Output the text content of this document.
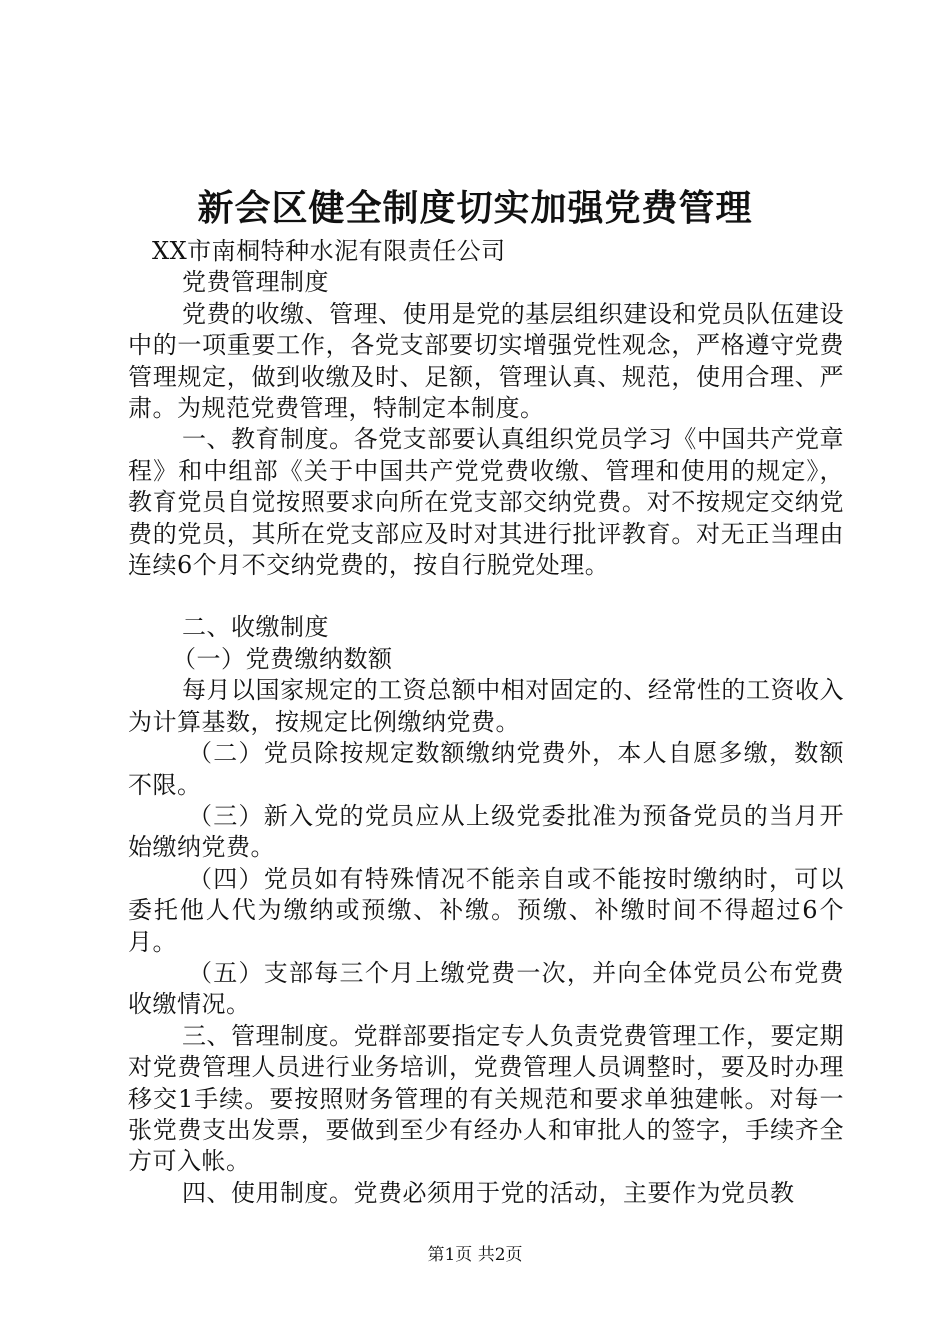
新会区健全制度切实加强党费管理

XX市南桐特种水泥有限责任公司

党费管理制度

党费的收缴、管理、使用是党的基层组织建设和党员队伍建设中的一项重要工作，各党支部要切实增强党性观念，严格遵守党费管理规定，做到收缴及时、足额，管理认真、规范，使用合理、严肃。为规范党费管理，特制定本制度。

一、教育制度。各党支部要认真组织党员学习《中国共产党章程》和中组部《关于中国共产党党费收缴、管理和使用的规定》，教育党员自觉按照要求向所在党支部交纳党费。对不按规定交纳党费的党员，其所在党支部应及时对其进行批评教育。对无正当理由连续6个月不交纳党费的，按自行脱党处理。

二、收缴制度

（一）党费缴纳数额

每月以国家规定的工资总额中相对固定的、经常性的工资收入为计算基数，按规定比例缴纳党费。

（二）党员除按规定数额缴纳党费外，本人自愿多缴，数额不限。

（三）新入党的党员应从上级党委批准为预备党员的当月开始缴纳党费。

（四）党员如有特殊情况不能亲自或不能按时缴纳时，可以委托他人代为缴纳或预缴、补缴。预缴、补缴时间不得超过6个月。

（五）支部每三个月上缴党费一次，并向全体党员公布党费收缴情况。

三、管理制度。党群部要指定专人负责党费管理工作，要定期对党费管理人员进行业务培训，党费管理人员调整时，要及时办理移交1手续。要按照财务管理的有关规范和要求单独建帐。对每一张党费支出发票，要做到至少有经办人和审批人的签字，手续齐全方可入帐。

四、使用制度。党费必须用于党的活动，主要作为党员教

第1页 共2页
